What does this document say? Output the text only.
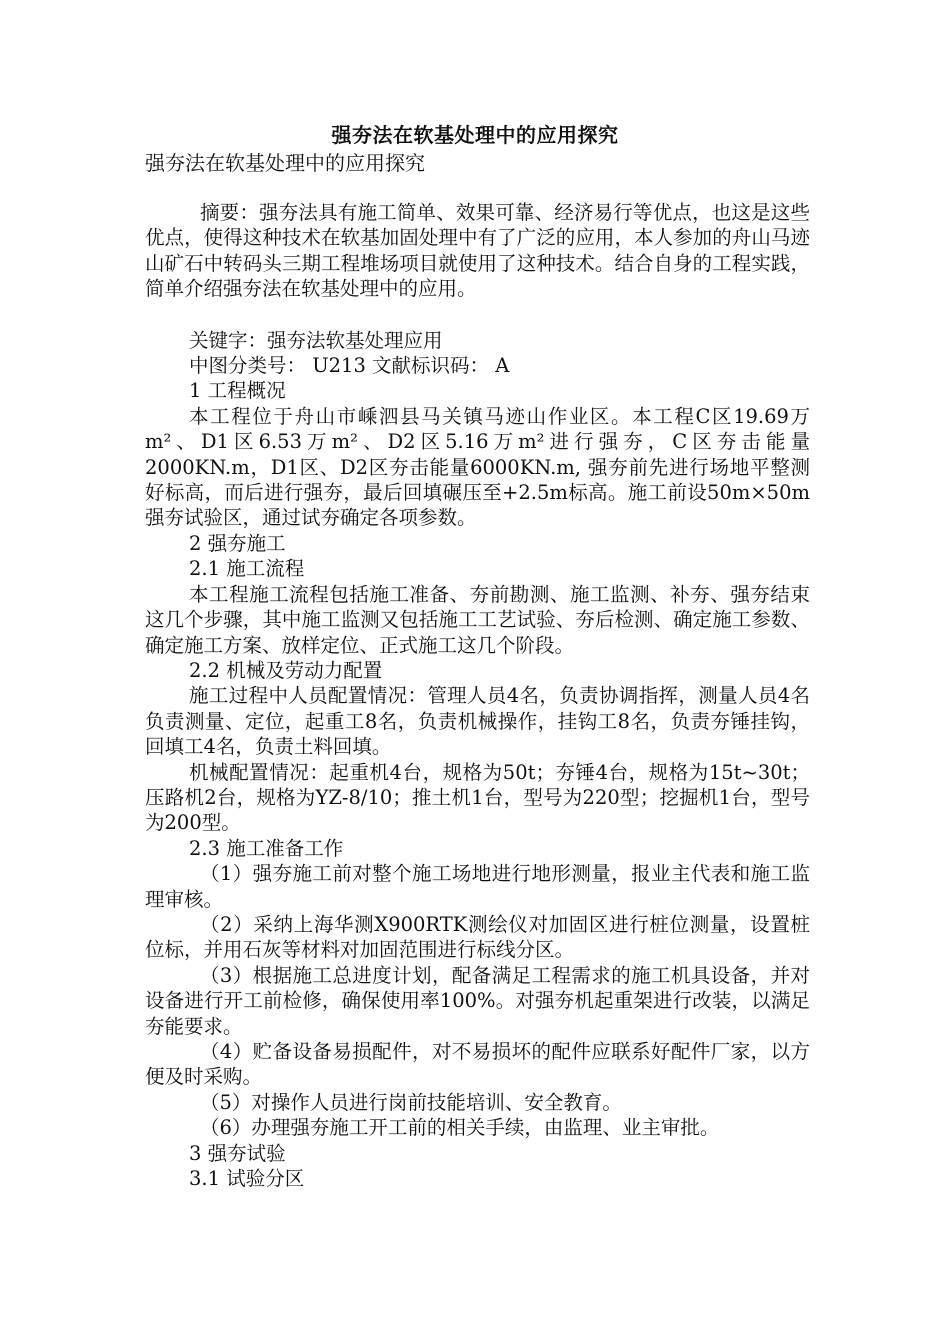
强夯法在软基处理中的应用探究
强夯法在软基处理中的应用探究

摘要：强夯法具有施工简单、效果可靠、经济易行等优点，也这是这些优点，使得这种技术在软基加固处理中有了广泛的应用，本人参加的舟山马迹山矿石中转码头三期工程堆场项目就使用了这种技术。结合自身的工程实践，简单介绍强夯法在软基处理中的应用。

关键字：强夯法软基处理应用

中图分类号： U213 文献标识码： A

1 工程概况

本工程位于舟山市嵊泗县马关镇马迹山作业区。本工程C区19.69万m²、D1区6.53万m²、D2区5.16万m²进行强夯，C区夯击能量2000KN.m，D1区、D2区夯击能量6000KN.m, 强夯前先进行场地平整测好标高，而后进行强夯，最后回填碾压至+2.5m标高。施工前设50m×50m强夯试验区，通过试夯确定各项参数。

2 强夯施工

2.1 施工流程

本工程施工流程包括施工准备、夯前勘测、施工监测、补夯、强夯结束这几个步骤，其中施工监测又包括施工工艺试验、夯后检测、确定施工参数、确定施工方案、放样定位、正式施工这几个阶段。

2.2 机械及劳动力配置

施工过程中人员配置情况：管理人员4名，负责协调指挥，测量人员4名负责测量、定位，起重工8名，负责机械操作，挂钩工8名，负责夯锤挂钩，回填工4名，负责土料回填。

机械配置情况：起重机4台，规格为50t；夯锤4台，规格为15t~30t；压路机2台，规格为YZ-8/10；推土机1台，型号为220型；挖掘机1台，型号为200型。

2.3 施工准备工作

（1）强夯施工前对整个施工场地进行地形测量，报业主代表和施工监理审核。

（2）采纳上海华测X900RTK测绘仪对加固区进行桩位测量，设置桩位标，并用石灰等材料对加固范围进行标线分区。

（3）根据施工总进度计划，配备满足工程需求的施工机具设备，并对设备进行开工前检修，确保使用率100%。对强夯机起重架进行改装，以满足夯能要求。

（4）贮备设备易损配件，对不易损坏的配件应联系好配件厂家，以方便及时采购。

（5）对操作人员进行岗前技能培训、安全教育。

（6）办理强夯施工开工前的相关手续，由监理、业主审批。

3 强夯试验

3.1 试验分区
